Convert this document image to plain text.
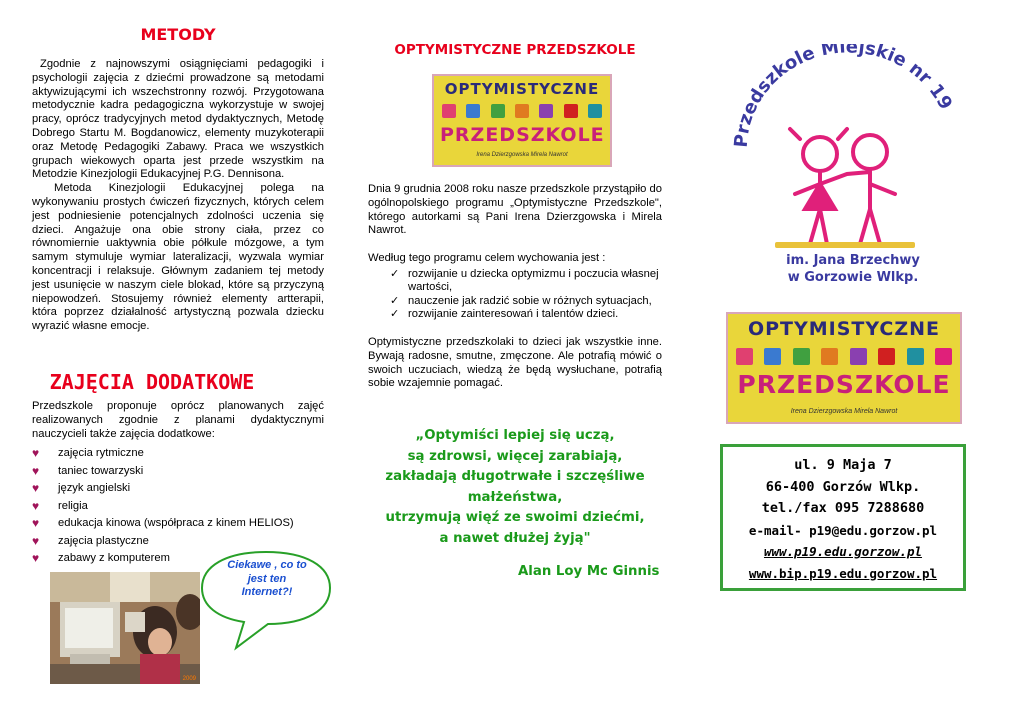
METODY

Zgodnie z najnowszymi osiągnięciami pedagogiki i psychologii zajęcia z dziećmi prowadzone są metodami aktywizującymi ich wszechstronny rozwój. Przygotowana metodycznie kadra pedagogiczna wykorzystuje w swojej pracy, oprócz tradycyjnych metod dydaktycznych, Metodę Dobrego Startu M. Bogdanowicz, elementy muzykoterapii oraz Metodę Pedagogiki Zabawy. Praca we wszystkich grupach wiekowych oparta jest przede wszystkim na Metodzie Kinezjologii Edukacyjnej P.G. Dennisona.

Metoda Kinezjologii Edukacyjnej polega na wykonywaniu prostych ćwiczeń fizycznych, których celem jest podniesienie potencjalnych zdolności uczenia się dzieci. Angażuje ona obie strony ciała, przez co równomiernie uaktywnia obie półkule mózgowe, a tym samym stymuluje wymiar lateralizacji, wyzwala wymiar koncentracji i relaksuje. Głównym zadaniem tej metody jest usunięcie w naszym ciele blokad, które są przyczyną niepowodzeń. Stosujemy również elementy artterapii, która poprzez działalność artystyczną pozwala dziecku wyrazić własne emocje.

ZAJĘCIA DODATKOWE

Przedszkole proponuje oprócz planowanych zajęć realizowanych zgodnie z planami dydaktycznymi nauczycieli także zajęcia dodatkowe:

♥ zajęcia rytmiczne
♥ taniec towarzyski
♥ język angielski
♥ religia
♥ edukacja kinowa (współpraca z kinem HELIOS)
♥ zajęcia plastyczne
♥ zabawy z komputerem
2009
Ciekawe , co to jest ten Internet?!
OPTYMISTYCZNE PRZEDSZKOLE
OPTYMISTYCZNE
PRZEDSZKOLE
Irena Dzierzgowska Mirela Nawrot

Dnia 9 grudnia 2008 roku nasze przedszkole przystąpiło do ogólnopolskiego programu „Optymistyczne Przedszkole", którego autorkami są Pani Irena Dzierzgowska i Mirela Nawrot.

Według tego programu celem wychowania jest :

✓ rozwijanie u dziecka optymizmu i poczucia własnej wartości,
✓ nauczenie jak radzić sobie w różnych sytuacjach,
✓ rozwijanie zainteresowań i talentów dzieci.

Optymistyczne przedszkolaki to dzieci jak wszystkie inne. Bywają radosne, smutne, zmęczone. Ale potrafią mówić o swoich uczuciach, wiedzą że będą wysłuchane, potrafią sobie wzajemnie pomagać.

„Optymiści lepiej się uczą,
są zdrowsi, więcej zarabiają,
zakładają długotrwałe i szczęśliwe
małżeństwa,
utrzymują więź ze swoimi dziećmi,
a nawet dłużej żyją"
Alan Loy Mc Ginnis
Przedszkole Miejskie nr 19
im. Jana Brzechwy
w Gorzowie Wlkp.
OPTYMISTYCZNE
PRZEDSZKOLE
Irena Dzierzgowska Mirela Nawrot
ul. 9 Maja 7
66-400 Gorzów Wlkp.
tel./fax 095 7288680
e-mail- p19@edu.gorzow.pl
www.p19.edu.gorzow.pl
www.bip.p19.edu.gorzow.pl
